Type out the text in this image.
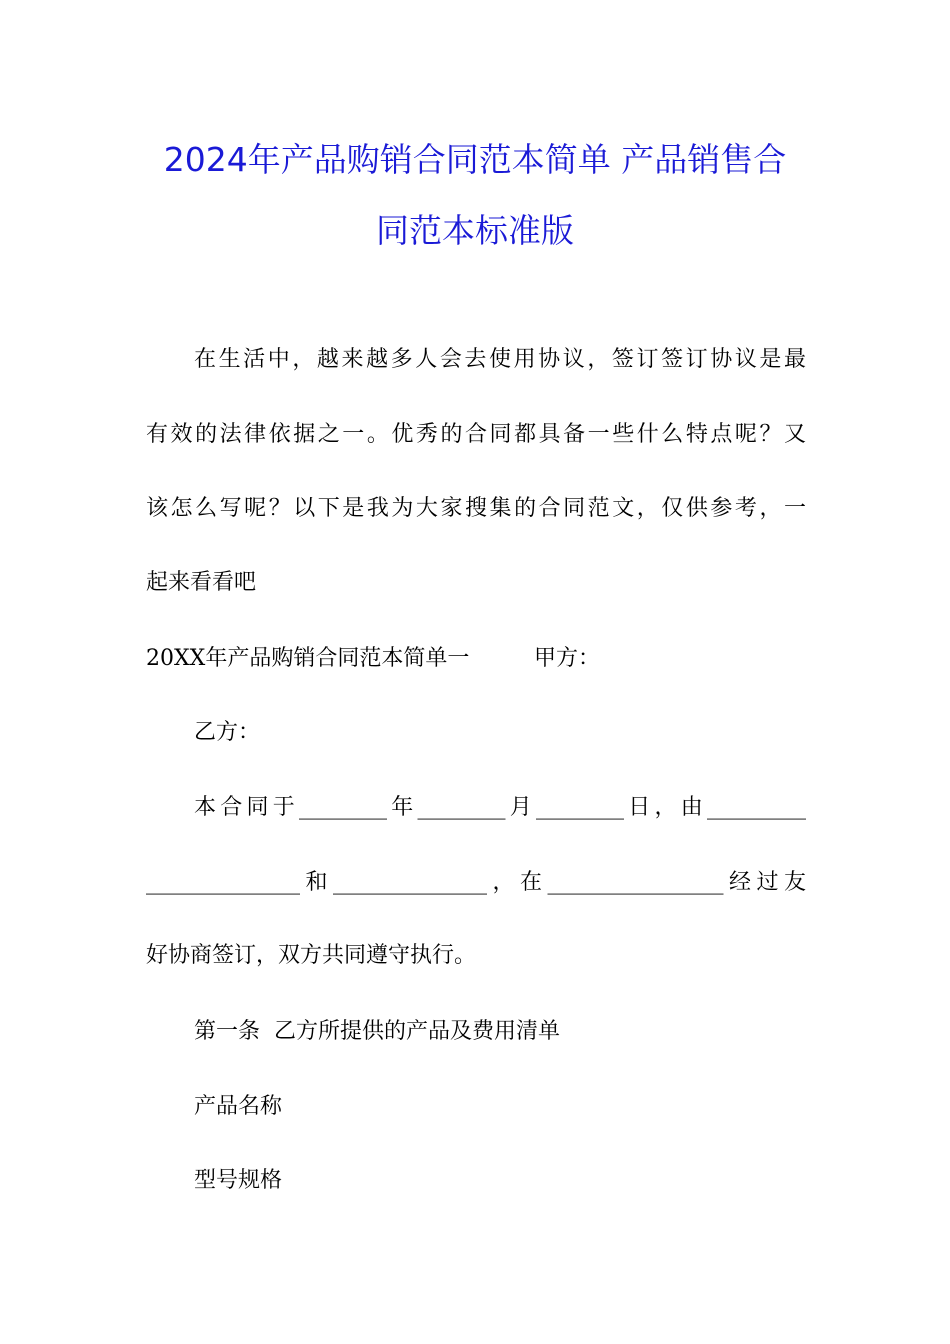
2024年产品购销合同范本简单 产品销售合
同范本标准版
在生活中，越来越多人会去使用协议，签订签订协议是最
有效的法律依据之一。优秀的合同都具备一些什么特点呢？又
该怎么写呢？以下是我为大家搜集的合同范文，仅供参考，一
起来看看吧
20XX年产品购销合同范本简单一	甲方：
乙方：
本合同于________年________月________日，由_________
______________和______________，在________________经过友
好协商签订，双方共同遵守执行。
第一条  乙方所提供的产品及费用清单
产品名称
型号规格
